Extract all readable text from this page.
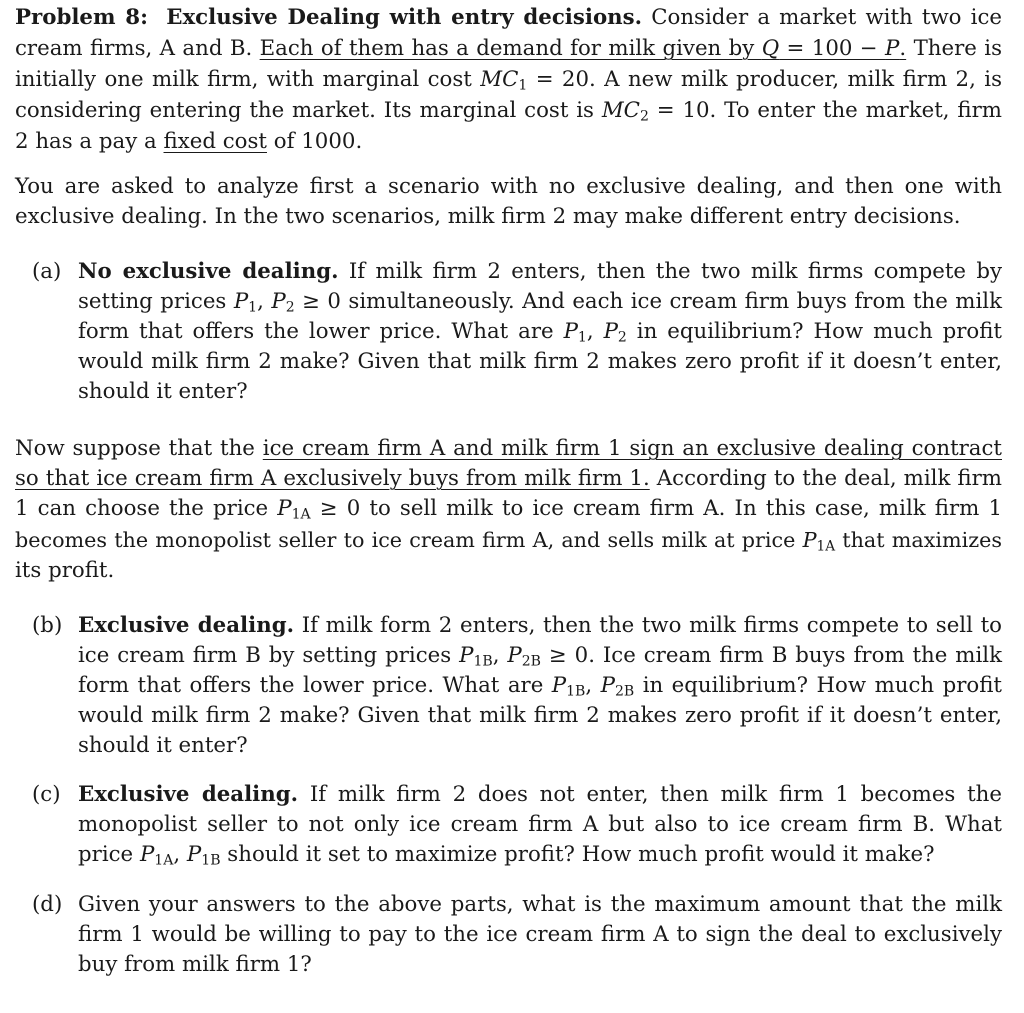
Problem 8: Exclusive Dealing with entry decisions. Consider a market with two ice
cream firms, A and B. Each of them has a demand for milk given by Q = 100 − P. There is
initially one milk firm, with marginal cost $MC_1 = 20$. A new milk producer, milk firm 2, is
considering entering the market. Its marginal cost is $MC_2 = 10$. To enter the market, firm
2 has a pay a fixed cost of 1000.
You are asked to analyze first a scenario with no exclusive dealing, and then one with
exclusive dealing. In the two scenarios, milk firm 2 may make different entry decisions.
(a) No exclusive dealing. If milk firm 2 enters, then the two milk firms compete by
setting prices $P_1$, $P_2 \ge 0$ simultaneously. And each ice cream firm buys from the milk
form that offers the lower price. What are $P_1$, $P_2$ in equilibrium? How much profit
would milk firm 2 make? Given that milk firm 2 makes zero profit if it doesn’t enter,
should it enter?
Now suppose that the ice cream firm A and milk firm 1 sign an exclusive dealing contract
so that ice cream firm A exclusively buys from milk firm 1. According to the deal, milk firm
1 can choose the price $P_{1A} \ge 0$ to sell milk to ice cream firm A. In this case, milk firm 1
becomes the monopolist seller to ice cream firm A, and sells milk at price $P_{1A}$ that maximizes
its profit.
(b) Exclusive dealing. If milk form 2 enters, then the two milk firms compete to sell to
ice cream firm B by setting prices $P_{1B}$, $P_{2B} \ge 0$. Ice cream firm B buys from the milk
form that offers the lower price. What are $P_{1B}$, $P_{2B}$ in equilibrium? How much profit
would milk firm 2 make? Given that milk firm 2 makes zero profit if it doesn’t enter,
should it enter?
(c) Exclusive dealing. If milk firm 2 does not enter, then milk firm 1 becomes the
monopolist seller to not only ice cream firm A but also to ice cream firm B. What
price $P_{1A}$, $P_{1B}$ should it set to maximize profit? How much profit would it make?
(d) Given your answers to the above parts, what is the maximum amount that the milk
firm 1 would be willing to pay to the ice cream firm A to sign the deal to exclusively
buy from milk firm 1?
